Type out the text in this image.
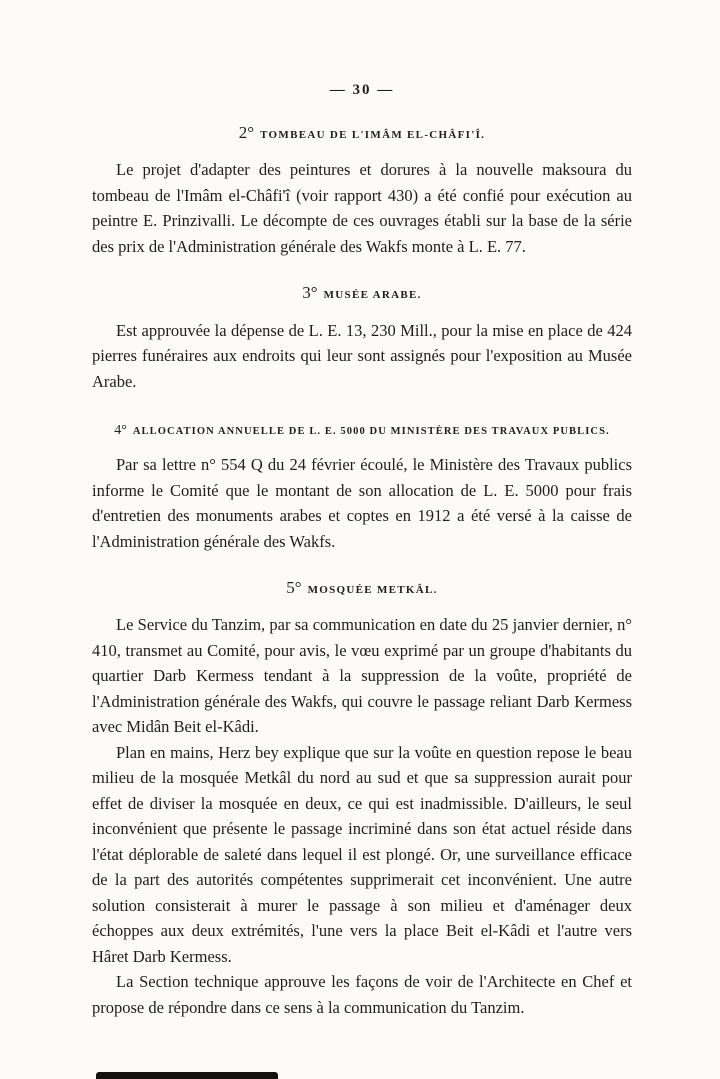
— 30 —
2° TOMBEAU DE L'IMÂM EL-CHÂFI'Î.

Le projet d'adapter des peintures et dorures à la nouvelle maksoura du tombeau de l'Imâm el-Châfi'î (voir rapport 430) a été confié pour exécution au peintre E. Prinzivalli. Le décompte de ces ouvrages établi sur la base de la série des prix de l'Administration générale des Wakfs monte à L. E. 77.

3° MUSÉE ARABE.

Est approuvée la dépense de L. E. 13, 230 Mill., pour la mise en place de 424 pierres funéraires aux endroits qui leur sont assignés pour l'exposition au Musée Arabe.

4° ALLOCATION ANNUELLE DE L. E. 5000 DU MINISTÈRE DES TRAVAUX PUBLICS.

Par sa lettre n° 554 Q du 24 février écoulé, le Ministère des Travaux publics informe le Comité que le montant de son allocation de L. E. 5000 pour frais d'entretien des monuments arabes et coptes en 1912 a été versé à la caisse de l'Administration générale des Wakfs.

5° MOSQUÉE METKÂL.

Le Service du Tanzim, par sa communication en date du 25 janvier dernier, n° 410, transmet au Comité, pour avis, le vœu exprimé par un groupe d'habitants du quartier Darb Kermess tendant à la suppression de la voûte, propriété de l'Administration générale des Wakfs, qui couvre le passage reliant Darb Kermess avec Midân Beit el-Kâdi.

Plan en mains, Herz bey explique que sur la voûte en question repose le beau milieu de la mosquée Metkâl du nord au sud et que sa suppression aurait pour effet de diviser la mosquée en deux, ce qui est inadmissible. D'ailleurs, le seul inconvénient que présente le passage incriminé dans son état actuel réside dans l'état déplorable de saleté dans lequel il est plongé. Or, une surveillance efficace de la part des autorités compétentes supprimerait cet inconvénient. Une autre solution consisterait à murer le passage à son milieu et d'aménager deux échoppes aux deux extrémités, l'une vers la place Beit el-Kâdi et l'autre vers Hâret Darb Kermess.

La Section technique approuve les façons de voir de l'Architecte en Chef et propose de répondre dans ce sens à la communication du Tanzim.
